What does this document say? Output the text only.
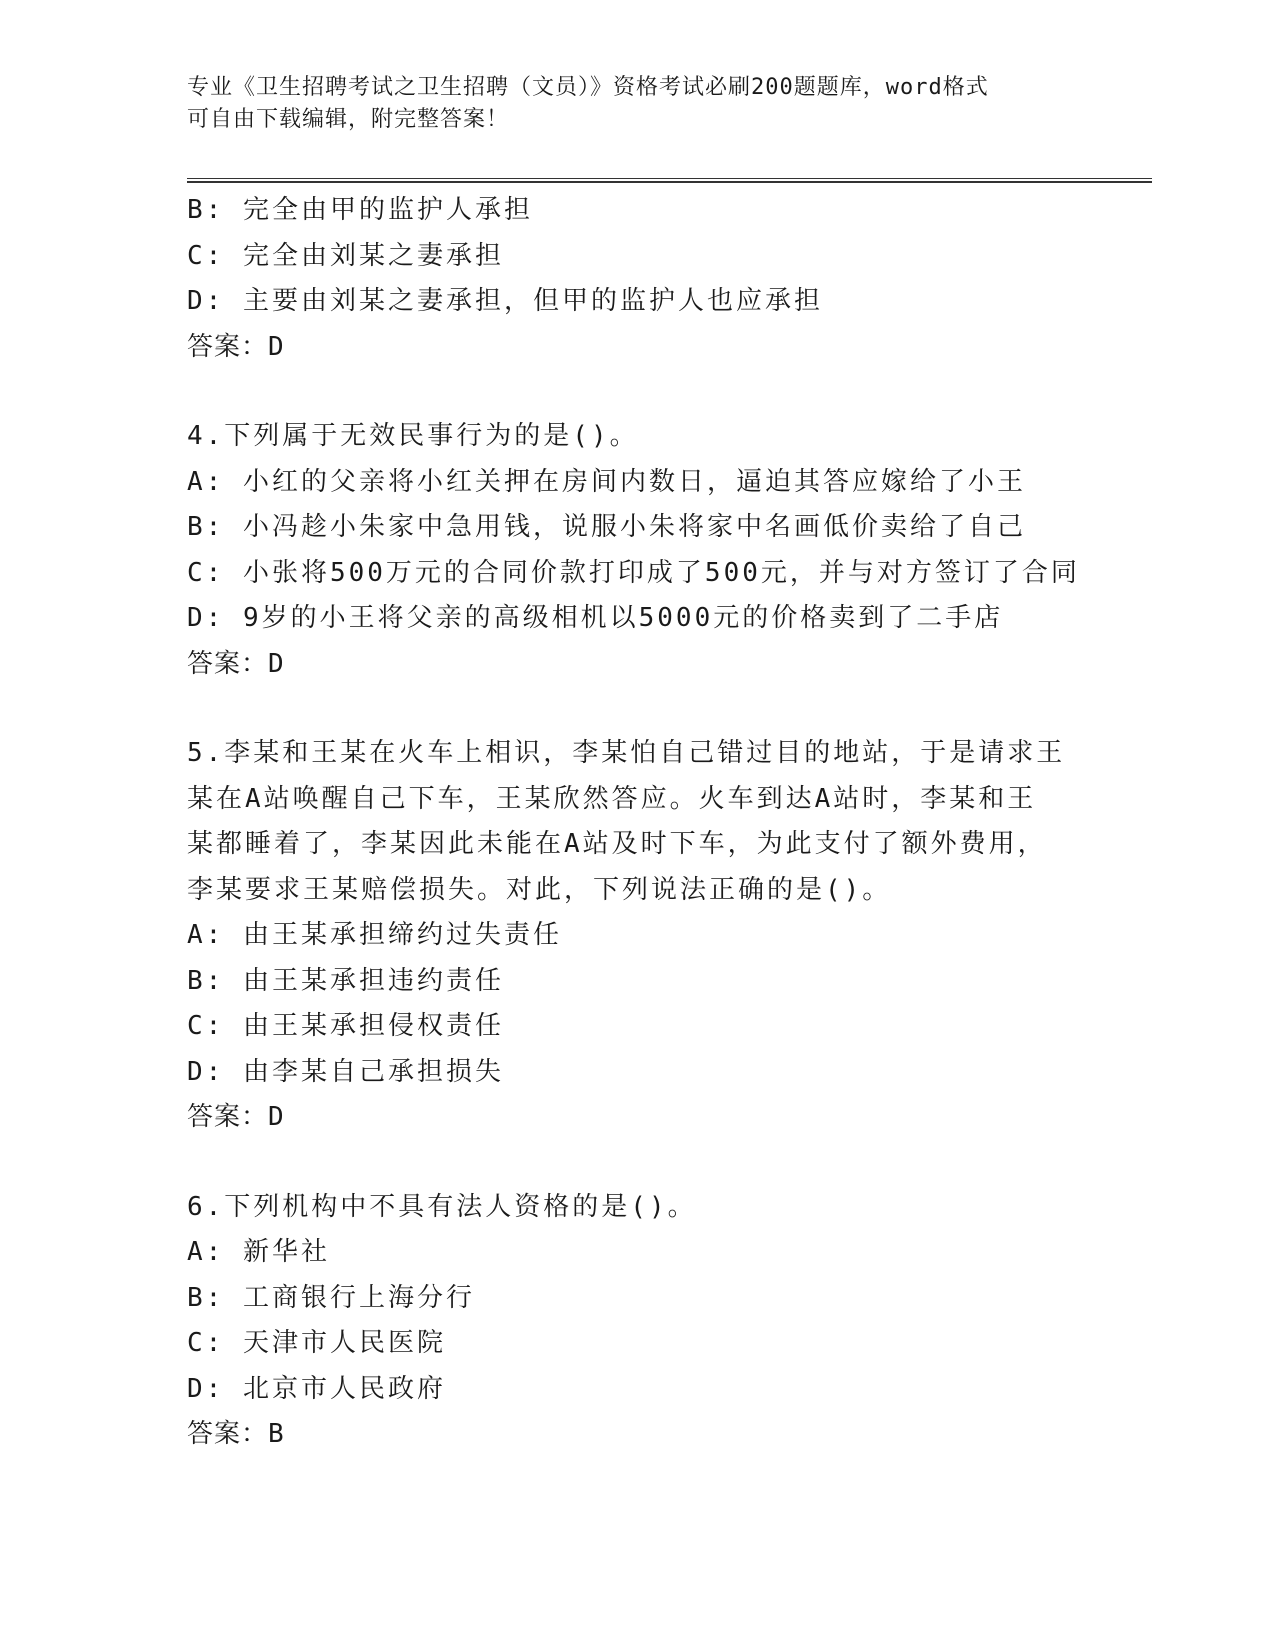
专业《卫生招聘考试之卫生招聘（文员）》资格考试必刷200题题库，word格式
可自由下载编辑，附完整答案！
B: 完全由甲的监护人承担
C: 完全由刘某之妻承担
D: 主要由刘某之妻承担，但甲的监护人也应承担
答案：D
4.下列属于无效民事行为的是()。
A: 小红的父亲将小红关押在房间内数日，逼迫其答应嫁给了小王
B: 小冯趁小朱家中急用钱，说服小朱将家中名画低价卖给了自己
C: 小张将500万元的合同价款打印成了500元，并与对方签订了合同
D: 9岁的小王将父亲的高级相机以5000元的价格卖到了二手店
答案：D
5.李某和王某在火车上相识，李某怕自己错过目的地站，于是请求王
某在A站唤醒自己下车，王某欣然答应。火车到达A站时，李某和王
某都睡着了，李某因此未能在A站及时下车，为此支付了额外费用，
李某要求王某赔偿损失。对此，下列说法正确的是()。
A: 由王某承担缔约过失责任
B: 由王某承担违约责任
C: 由王某承担侵权责任
D: 由李某自己承担损失
答案：D
6.下列机构中不具有法人资格的是()。
A: 新华社
B: 工商银行上海分行
C: 天津市人民医院
D: 北京市人民政府
答案：B
